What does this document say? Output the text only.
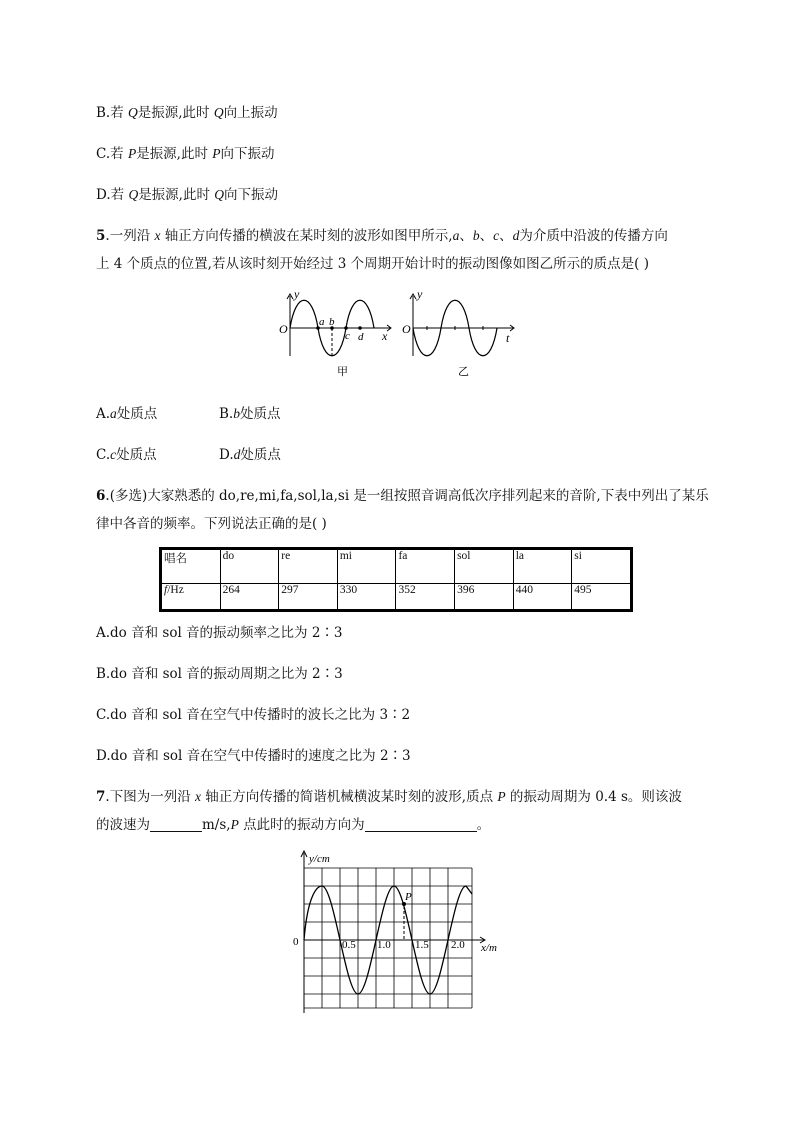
B.若 Q是振源,此时 Q向上振动
C.若 P是振源,此时 P向下振动
D.若 Q是振源,此时 Q向下振动
5.一列沿 x 轴正方向传播的横波在某时刻的波形如图甲所示,a、b、c、d为介质中沿波的传播方向
上 4 个质点的位置,若从该时刻开始经过 3 个周期开始计时的振动图像如图乙所示的质点是( )
y
O	x
a b
c d
甲
y
O
t
乙
A.a处质点	B.b处质点
C.c处质点	D.d处质点
6.(多选)大家熟悉的 do,re,mi,fa,sol,la,si 是一组按照音调高低次序排列起来的音阶,下表中列出了某乐
律中各音的频率。下列说法正确的是( )
唱名	do	re	mi	fa	sol	la	si
f/Hz	264	297	330	352	396	440	495
A.do 音和 sol 音的振动频率之比为 2∶3
B.do 音和 sol 音的振动周期之比为 2∶3
C.do 音和 sol 音在空气中传播时的波长之比为 3∶2
D.do 音和 sol 音在空气中传播时的速度之比为 2∶3
7.下图为一列沿 x 轴正方向传播的简谐机械横波某时刻的波形,质点 P 的振动周期为 0.4 s。则该波
的波速为	m/s,P 点此时的振动方向为	。
y/cm
x/m
0
P
0.5 1.0 1.5 2.0
